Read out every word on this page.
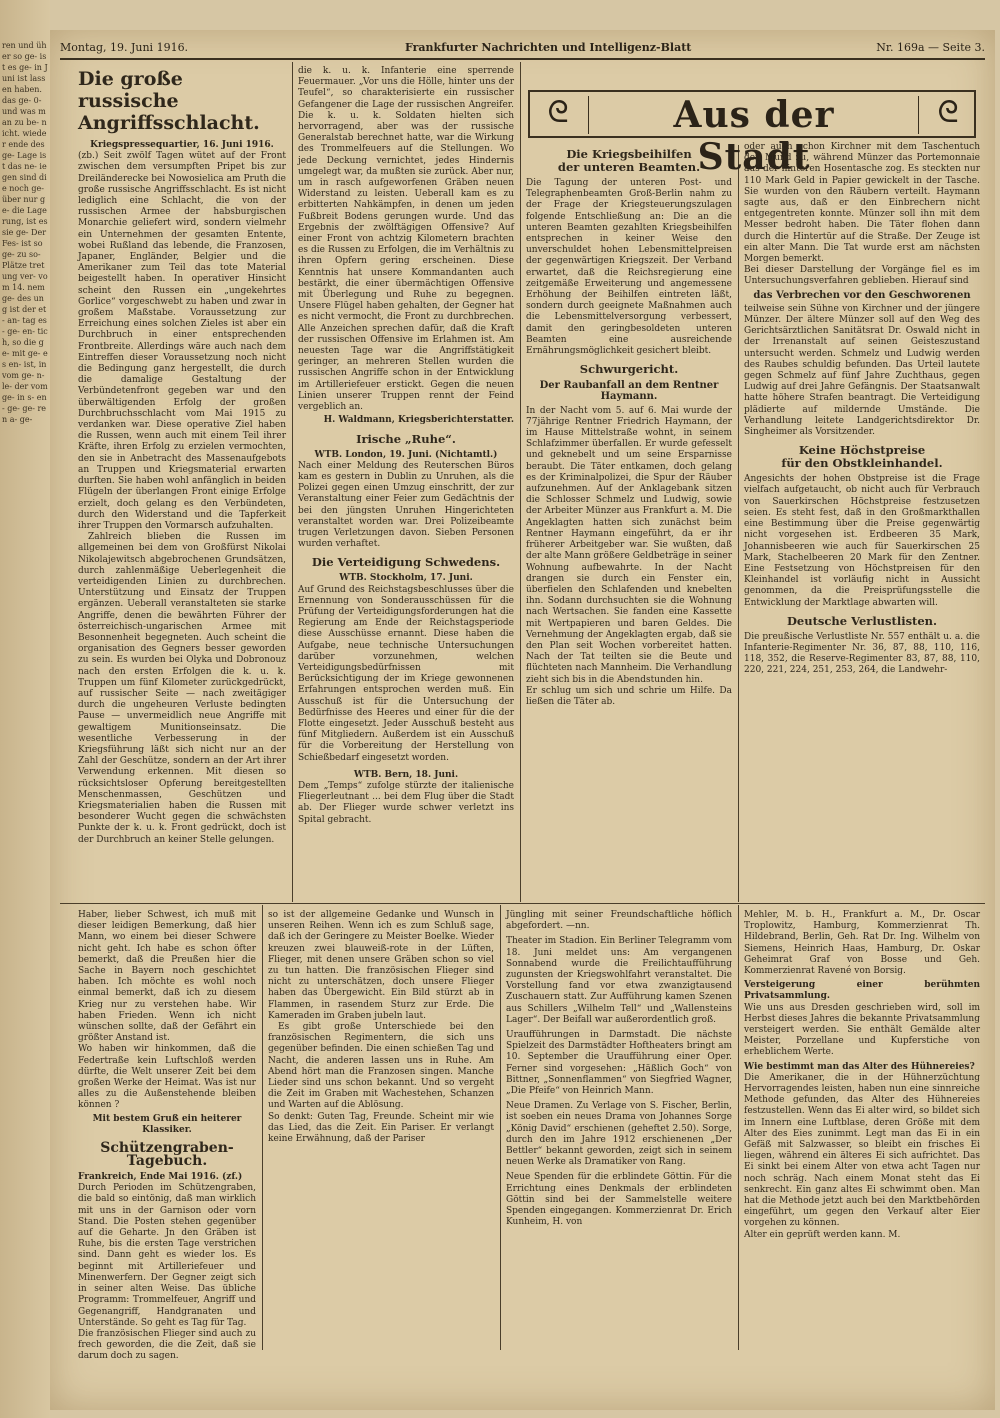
ren und üher so ge- ist es ge- in Juni ist lassen haben. das ge- 0- und was man zu be- nicht. wieder ende des ge- Lage ist das ne- iegen sind die noch ge- über nur ge- die Lage rung, ist es sie ge- Der Fes- ist so ge- zu so- Plätze tretung ver- vom 14. nem ge- des ung ist der et- an- tag es- ge- en- tich, so die ge- mit ge- es en- ist, in vom ge- n- le- der vom ge- in s- en- ge- ge- ren a- ge-
Montag, 19. Juni 1916.	Frankfurter Nachrichten und Intelligenz-Blatt	Nr. 169a — Seite 3.
Die große russische Angriffsschlacht.
Kriegspressequartier, 16. Juni 1916.
(zb.) Seit zwölf Tagen wütet auf der Front zwischen dem versumpften Pripet bis zur Dreiländerecke bei Nowosielica am Pruth die große russische Angriffsschlacht. Es ist nicht lediglich eine Schlacht, die von der russischen Armee der habsburgischen Monarchie geliefert wird, sondern vielmehr ein Unternehmen der gesamten Entente, wobei Rußland das lebende, die Franzosen, Japaner, Engländer, Belgier und die Amerikaner zum Teil das tote Material beigestellt haben. In operativer Hinsicht scheint den Russen ein „ungekehrtes Gorlice“ vorgeschwebt zu haben und zwar in großem Maßstabe. Voraussetzung zur Erreichung eines solchen Zieles ist aber ein Durchbruch in einer entsprechenden Frontbreite. Allerdings wäre auch nach dem Eintreffen dieser Voraussetzung noch nicht die Bedingung ganz hergestellt, die durch die damalige Gestaltung der Verbündetenfront gegeben war und den überwältigenden Erfolg der großen Durchbruchsschlacht vom Mai 1915 zu verdanken war. Diese operative Ziel haben die Russen, wenn auch mit einem Teil ihrer Kräfte, ihren Erfolg zu erzielen vermochten, den sie in Anbetracht des Massenaufgebots an Truppen und Kriegsmaterial erwarten durften. Sie haben wohl anfänglich in beiden Flügeln der überlangen Front einige Erfolge erzielt, doch gelang es den Verbündeten, durch den Widerstand und die Tapferkeit ihrer Truppen den Vormarsch aufzuhalten.
Zahlreich blieben die Russen im allgemeinen bei dem von Großfürst Nikolai Nikolajewitsch abgebrochenen Grundsätzen, durch zahlenmäßige Ueberlegenheit die verteidigenden Linien zu durchbrechen. Unterstützung und Einsatz der Truppen ergänzen. Ueberall veranstalteten sie starke Angriffe, denen die bewährten Führer der österreichisch-ungarischen Armee mit Besonnenheit begegneten. Auch scheint die organisation des Gegners besser geworden zu sein. Es wurden bei Olyka und Dobronouz nach den ersten Erfolgen die k. u. k. Truppen um fünf Kilometer zurückgedrückt, auf russischer Seite — nach zweitägiger durch die ungeheuren Verluste bedingten Pause — unvermeidlich neue Angriffe mit gewaltigem Munitionseinsatz. Die wesentliche Verbesserung in der Kriegsführung läßt sich nicht nur an der Zahl der Geschütze, sondern an der Art ihrer Verwendung erkennen. Mit diesen so rücksichtsloser Opferung bereitgestellten Menschenmassen, Geschützen und Kriegsmaterialien haben die Russen mit besonderer Wucht gegen die schwächsten Punkte der k. u. k. Front gedrückt, doch ist der Durchbruch an keiner Stelle gelungen.
die k. u. k. Infanterie eine sperrende Feuermauer. „Vor uns die Hölle, hinter uns der Teufel“, so charakterisierte ein russischer Gefangener die Lage der russischen Angreifer. Die k. u. k. Soldaten hielten sich hervorragend, aber was der russische Generalstab berechnet hatte, war die Wirkung des Trommelfeuers auf die Stellungen. Wo jede Deckung vernichtet, jedes Hindernis umgelegt war, da mußten sie zurück. Aber nur, um in rasch aufgeworfenen Gräben neuen Widerstand zu leisten. Ueberall kam es zu erbitterten Nahkämpfen, in denen um jeden Fußbreit Bodens gerungen wurde. Und das Ergebnis der zwölftägigen Offensive? Auf einer Front von achtzig Kilometern brachten es die Russen zu Erfolgen, die im Verhältnis zu ihren Opfern gering erscheinen. Diese Kenntnis hat unsere Kommandanten auch bestärkt, die einer übermächtigen Offensive mit Überlegung und Ruhe zu begegnen. Unsere Flügel haben gehalten, der Gegner hat es nicht vermocht, die Front zu durchbrechen. Alle Anzeichen sprechen dafür, daß die Kraft der russischen Offensive im Erlahmen ist. Am neuesten Tage war die Angriffstätigkeit geringer, an mehreren Stellen wurden die russischen Angriffe schon in der Entwicklung im Artilleriefeuer erstickt. Gegen die neuen Linien unserer Truppen rennt der Feind vergeblich an.
H. Waldmann, Kriegsberichterstatter.
Irische „Ruhe“.
WTB. London, 19. Juni. (Nichtamtl.)
Nach einer Meldung des Reuterschen Büros kam es gestern in Dublin zu Unruhen, als die Polizei gegen einen Umzug einschritt, der zur Veranstaltung einer Feier zum Gedächtnis der bei den jüngsten Unruhen Hingerichteten veranstaltet worden war. Drei Polizeibeamte trugen Verletzungen davon. Sieben Personen wurden verhaftet.
Die Verteidigung Schwedens.
WTB. Stockholm, 17. Juni.
Auf Grund des Reichstagsbeschlusses über die Ernennung von Sonderausschüssen für die Prüfung der Verteidigungsforderungen hat die Regierung am Ende der Reichstagsperiode diese Ausschüsse ernannt. Diese haben die Aufgabe, neue technische Untersuchungen darüber vorzunehmen, welchen Verteidigungsbedürfnissen mit Berücksichtigung der im Kriege gewonnenen Erfahrungen entsprochen werden muß. Ein Ausschuß ist für die Untersuchung der Bedürfnisse des Heeres und einer für die der Flotte eingesetzt. Jeder Ausschuß besteht aus fünf Mitgliedern. Außerdem ist ein Ausschuß für die Vorbereitung der Herstellung von Schießbedarf eingesetzt worden.
WTB. Bern, 18. Juni.
Dem „Temps“ zufolge stürzte der italienische Fliegerleutnant ... bei dem Flug über die Stadt ab. Der Flieger wurde schwer verletzt ins Spital gebracht.
ᘓ	Aus der Stadt
ᘓ
Die Kriegsbeihilfen
der unteren Beamten.
Die Tagung der unteren Post- und Telegraphenbeamten Groß-Berlin nahm zu der Frage der Kriegsteuerungszulagen folgende Entschließung an: Die an die unteren Beamten gezahlten Kriegsbeihilfen entsprechen in keiner Weise den unverschuldet hohen Lebensmittelpreisen der gegenwärtigen Kriegszeit. Der Verband erwartet, daß die Reichsregierung eine zeitgemäße Erweiterung und angemessene Erhöhung der Beihilfen eintreten läßt, sondern durch geeignete Maßnahmen auch die Lebensmittelversorgung verbessert, damit den geringbesoldeten unteren Beamten eine ausreichende Ernährungsmöglichkeit gesichert bleibt.
Schwurgericht.
Der Raubanfall an dem Rentner Haymann.
In der Nacht vom 5. auf 6. Mai wurde der 77jährige Rentner Friedrich Haymann, der im Hause Mittelstraße wohnt, in seinem Schlafzimmer überfallen. Er wurde gefesselt und geknebelt und um seine Ersparnisse beraubt. Die Täter entkamen, doch gelang es der Kriminalpolizei, die Spur der Räuber aufzunehmen. Auf der Anklagebank sitzen die Schlosser Schmelz und Ludwig, sowie der Arbeiter Münzer aus Frankfurt a. M. Die Angeklagten hatten sich zunächst beim Rentner Haymann eingeführt, da er ihr früherer Arbeitgeber war. Sie wußten, daß der alte Mann größere Geldbeträge in seiner Wohnung aufbewahrte. In der Nacht drangen sie durch ein Fenster ein, überfielen den Schlafenden und knebelten ihn. Sodann durchsuchten sie die Wohnung nach Wertsachen. Sie fanden eine Kassette mit Wertpapieren und baren Geldes. Die Vernehmung der Angeklagten ergab, daß sie den Plan seit Wochen vorbereitet hatten. Nach der Tat teilten sie die Beute und flüchteten nach Mannheim. Die Verhandlung zieht sich bis in die Abendstunden hin.
Er schlug um sich und schrie um Hilfe. Da ließen die Täter ab.
oder auch schon Kirchner mit dem Taschentuch den Mund zu, während Münzer das Portemonnaie aus der hinteren Hosentasche zog. Es steckten nur 110 Mark Geld in Papier gewickelt in der Tasche. Sie wurden von den Räubern verteilt. Haymann sagte aus, daß er den Einbrechern nicht entgegentreten konnte. Münzer soll ihn mit dem Messer bedroht haben. Die Täter flohen dann durch die Hintertür auf die Straße. Der Zeuge ist ein alter Mann. Die Tat wurde erst am nächsten Morgen bemerkt.
Bei dieser Darstellung der Vorgänge fiel es im Untersuchungsverfahren geblieben. Hierauf sind
das Verbrechen vor den Geschworenen
teilweise sein Sühne von Kirchner und der jüngere Münzer. Der ältere Münzer soll auf den Weg des Gerichtsärztlichen Sanitätsrat Dr. Oswald nicht in der Irrenanstalt auf seinen Geisteszustand untersucht werden. Schmelz und Ludwig werden des Raubes schuldig befunden. Das Urteil lautete gegen Schmelz auf fünf Jahre Zuchthaus, gegen Ludwig auf drei Jahre Gefängnis. Der Staatsanwalt hatte höhere Strafen beantragt. Die Verteidigung plädierte auf mildernde Umstände. Die Verhandlung leitete Landgerichtsdirektor Dr. Singheimer als Vorsitzender.
Keine Höchstpreise
für den Obstkleinhandel.
Angesichts der hohen Obstpreise ist die Frage vielfach aufgetaucht, ob nicht auch für Verbrauch von Sauerkirschen Höchstpreise festzusetzen seien. Es steht fest, daß in den Großmarkthallen eine Bestimmung über die Preise gegenwärtig nicht vorgesehen ist. Erdbeeren 35 Mark, Johannisbeeren wie auch für Sauerkirschen 25 Mark, Stachelbeeren 20 Mark für den Zentner. Eine Festsetzung von Höchstpreisen für den Kleinhandel ist vorläufig nicht in Aussicht genommen, da die Preisprüfungsstelle die Entwicklung der Marktlage abwarten will.
Deutsche Verlustlisten.
Die preußische Verlustliste Nr. 557 enthält u. a. die Infanterie-Regimenter Nr. 36, 87, 88, 110, 116, 118, 352, die Reserve-Regimenter 83, 87, 88, 110, 220, 221, 224, 251, 253, 264, die Landwehr-
Haber, lieber Schwest, ich muß mit dieser leidigen Bemerkung, daß hier Mann, wo einem bei dieser Schwere nicht geht. Ich habe es schon öfter bemerkt, daß die Preußen hier die Sache in Bayern noch geschichtet haben. Ich möchte es wohl noch einmal bemerkt, daß ich zu diesem Krieg nur zu verstehen habe. Wir haben Frieden. Wenn ich nicht wünschen sollte, daß der Gefährt ein größter Anstand ist.
Wo haben wir hinkommen, daß die Federtraße kein Luftschloß werden dürfte, die Welt unserer Zeit bei dem großen Werke der Heimat. Was ist nur alles zu die Außenstehende bleiben können ?
Mit bestem Gruß ein heiterer Klassiker.
Schützengraben-Tagebuch.
Frankreich, Ende Mai 1916. (zf.)
Durch Perioden im Schützengraben, die bald so eintönig, daß man wirklich mit uns in der Garnison oder vorn Stand. Die Posten stehen gegenüber auf die Geharte. Jn den Gräben ist Ruhe, bis die ersten Tage verstrichen sind. Dann geht es wieder los. Es beginnt mit Artilleriefeuer und Minenwerfern. Der Gegner zeigt sich in seiner alten Weise. Das übliche Programm: Trommelfeuer, Angriff und Gegenangriff, Handgranaten und Unterstände. So geht es Tag für Tag.
Die französischen Flieger sind auch zu frech geworden, die die Zeit, daß sie darum doch zu sagen.
so ist der allgemeine Gedanke und Wunsch in unseren Reihen. Wenn ich es zum Schluß sage, daß ich der Geringere zu Meister Boelke. Wieder kreuzen zwei blauweiß-rote in der Lüften, Flieger, mit denen unsere Gräben schon so viel zu tun hatten. Die französischen Flieger sind nicht zu unterschätzen, doch unsere Flieger haben das Übergewicht. Ein Bild stürzt ab in Flammen, in rasendem Sturz zur Erde. Die Kameraden im Graben jubeln laut.
Es gibt große Unterschiede bei den französischen Regimentern, die sich uns gegenüber befinden. Die einen schießen Tag und Nacht, die anderen lassen uns in Ruhe. Am Abend hört man die Franzosen singen. Manche Lieder sind uns schon bekannt. Und so vergeht die Zeit im Graben mit Wachestehen, Schanzen und Warten auf die Ablösung.
So denkt: Guten Tag, Freunde. Scheint mir wie das Lied, das die Zeit. Ein Pariser. Er verlangt keine Erwähnung, daß der Pariser
Jüngling mit seiner Freundschaftliche höflich abgefordert. —nn.
Theater im Stadion. Ein Berliner Telegramm vom 18. Juni meldet uns: Am vergangenen Sonnabend wurde die Freilichtaufführung zugunsten der Kriegswohlfahrt veranstaltet. Die Vorstellung fand vor etwa zwanzigtausend Zuschauern statt. Zur Aufführung kamen Szenen aus Schillers „Wilhelm Tell“ und „Wallensteins Lager“. Der Beifall war außerordentlich groß.
Uraufführungen in Darmstadt. Die nächste Spielzeit des Darmstädter Hoftheaters bringt am 10. September die Uraufführung einer Oper. Ferner sind vorgesehen: „Häßlich Goch“ von Bittner, „Sonnenflammen“ von Siegfried Wagner, „Die Pfeife“ von Heinrich Mann.
Neue Dramen. Zu Verlage von S. Fischer, Berlin, ist soeben ein neues Drama von Johannes Sorge „König David“ erschienen (geheftet 2.50). Sorge, durch den im Jahre 1912 erschienenen „Der Bettler“ bekannt geworden, zeigt sich in seinem neuen Werke als Dramatiker von Rang.
Neue Spenden für die erblindete Göttin. Für die Errichtung eines Denkmals der erblindeten Göttin sind bei der Sammelstelle weitere Spenden eingegangen. Kommerzienrat Dr. Erich Kunheim, H. von
Mehler, M. b. H., Frankfurt a. M., Dr. Oscar Troplowitz, Hamburg, Kommerzienrat Th. Hildebrand, Berlin, Geh. Rat Dr. Ing. Wilhelm von Siemens, Heinrich Haas, Hamburg, Dr. Oskar Geheimrat Graf von Bosse und Geh. Kommerzienrat Ravené von Borsig.
Versteigerung einer berühmten Privatsammlung.
Wie uns aus Dresden geschrieben wird, soll im Herbst dieses Jahres die bekannte Privatsammlung versteigert werden. Sie enthält Gemälde alter Meister, Porzellane und Kupferstiche von erheblichem Werte.
Wie bestimmt man das Alter des Hühnereies?
Die Amerikaner, die in der Hühnerzüchtung Hervorragendes leisten, haben nun eine sinnreiche Methode gefunden, das Alter des Hühnereies festzustellen. Wenn das Ei alter wird, so bildet sich im Innern eine Luftblase, deren Größe mit dem Alter des Eies zunimmt. Legt man das Ei in ein Gefäß mit Salzwasser, so bleibt ein frisches Ei liegen, während ein älteres Ei sich aufrichtet. Das Ei sinkt bei einem Alter von etwa acht Tagen nur noch schräg. Nach einem Monat steht das Ei senkrecht. Ein ganz altes Ei schwimmt oben. Man hat die Methode jetzt auch bei den Marktbehörden eingeführt, um gegen den Verkauf alter Eier vorgehen zu können.
Alter ein geprüft werden kann. M.
